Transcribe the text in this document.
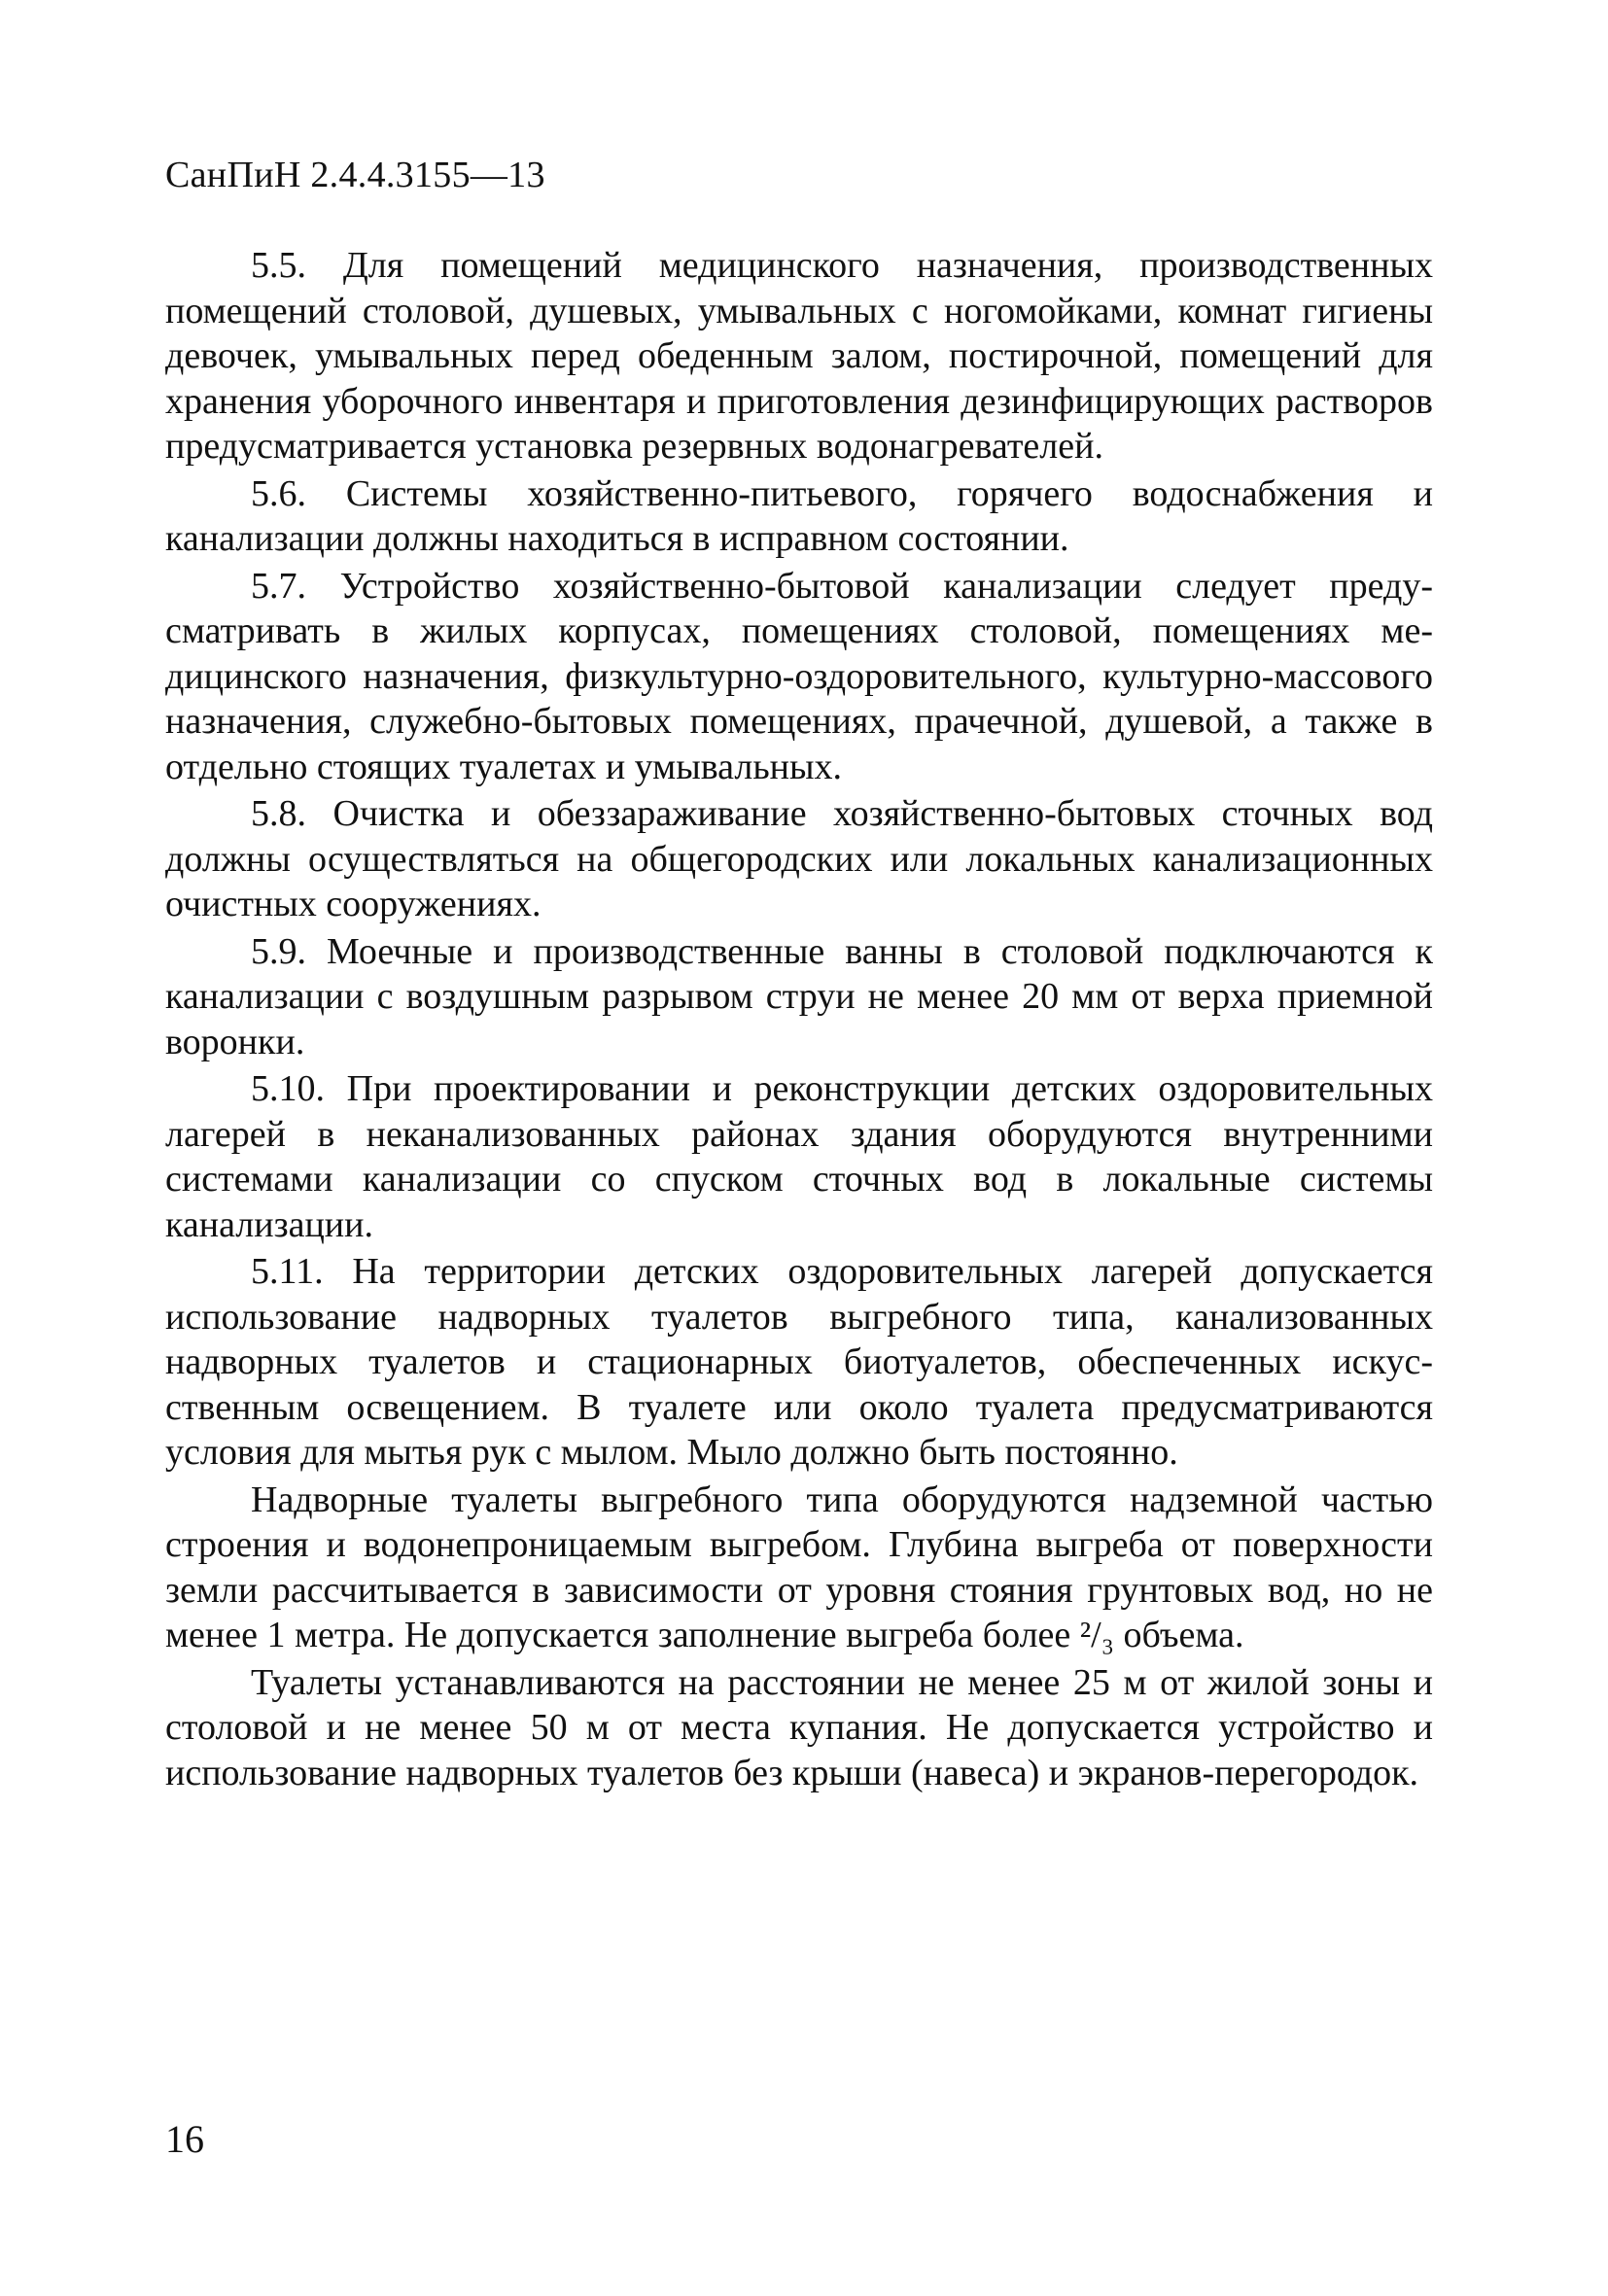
СанПиН 2.4.4.3155—13

5.5. Для помещений медицинского назначения, производственных помещений столовой, душевых, умывальных с ногомойками, комнат гигиены девочек, умывальных перед обеденным залом, постирочной, помещений для хранения уборочного инвентаря и приготовления дезинфицирующих растворов предусматривается установка резервных водонагревателей.

5.6. Системы хозяйственно-питьевого, горячего водоснабжения и канализации должны находиться в исправном состоянии.

5.7. Устройство хозяйственно-бытовой канализации следует предусматривать в жилых корпусах, помещениях столовой, помещениях медицинского назначения, физкультурно-оздоровительного, культурно-массового назначения, служебно-бытовых помещениях, прачечной, душевой, а также в отдельно стоящих туалетах и умывальных.

5.8. Очистка и обеззараживание хозяйственно-бытовых сточных вод должны осуществляться на общегородских или локальных канализационных очистных сооружениях.

5.9. Моечные и производственные ванны в столовой подключаются к канализации с воздушным разрывом струи не менее 20 мм от верха приемной воронки.

5.10. При проектировании и реконструкции детских оздоровительных лагерей в неканализованных районах здания оборудуются внутренними системами канализации со спуском сточных вод в локальные системы канализации.

5.11. На территории детских оздоровительных лагерей допускается использование надворных туалетов выгребного типа, канализованных надворных туалетов и стационарных биотуалетов, обеспеченных искусственным освещением. В туалете или около туалета предусматриваются условия для мытья рук с мылом. Мыло должно быть постоянно.

Надворные туалеты выгребного типа оборудуются надземной частью строения и водонепроницаемым выгребом. Глубина выгреба от поверхности земли рассчитывается в зависимости от уровня стояния грунтовых вод, но не менее 1 метра. Не допускается заполнение выгреба более ²/₃ объема.

Туалеты устанавливаются на расстоянии не менее 25 м от жилой зоны и столовой и не менее 50 м от места купания. Не допускается устройство и использование надворных туалетов без крыши (навеса) и экранов-перегородок.

16
